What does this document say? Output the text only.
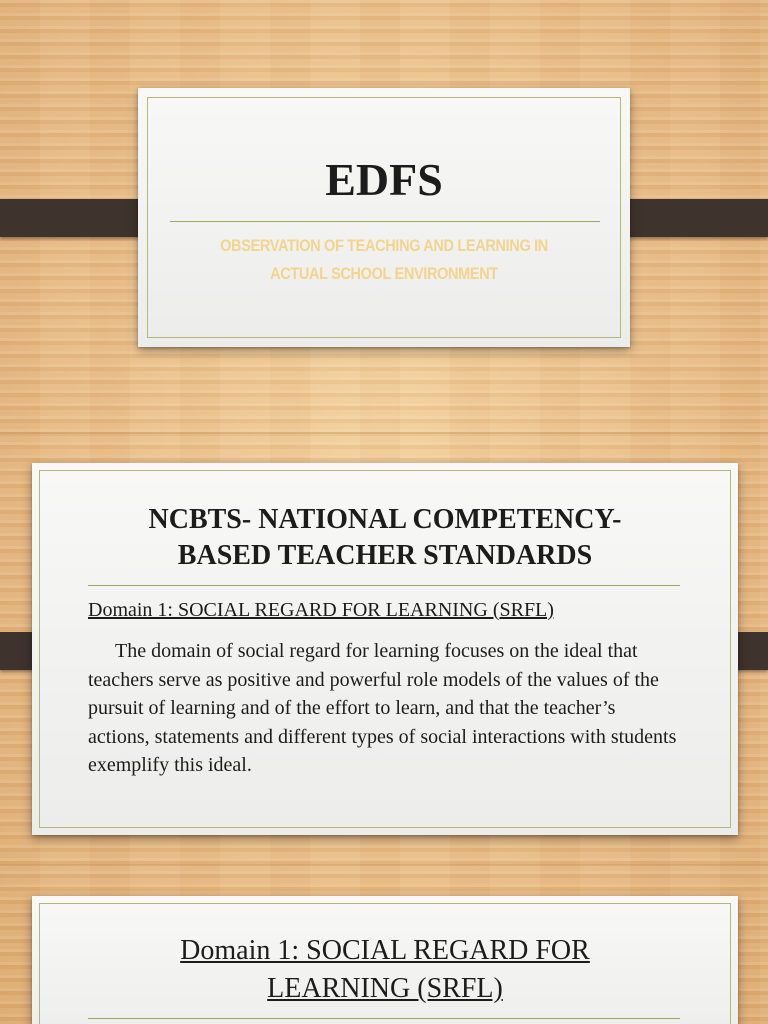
EDFS
OBSERVATION OF TEACHING AND LEARNING IN
ACTUAL SCHOOL ENVIRONMENT
NCBTS- NATIONAL COMPETENCY-
BASED TEACHER STANDARDS
Domain 1: SOCIAL REGARD FOR LEARNING (SRFL)
The domain of social regard for learning focuses on the ideal that teachers serve as positive and powerful role models of the values of the pursuit of learning and of the effort to learn, and that the teacher’s actions, statements and different types of social interactions with students exemplify this ideal.
Domain 1: SOCIAL REGARD FOR
LEARNING (SRFL)
